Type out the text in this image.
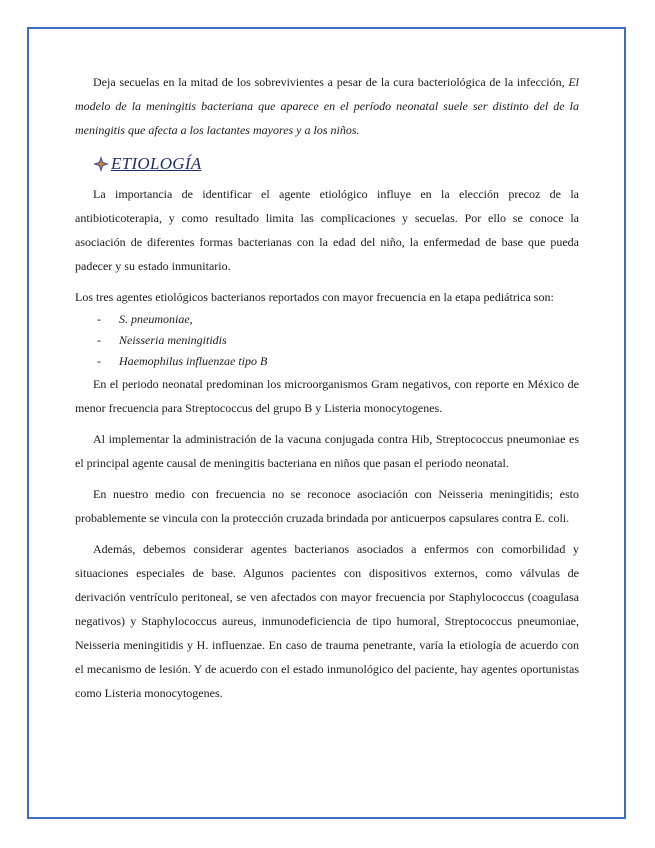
Deja secuelas en la mitad de los sobrevivientes a pesar de la cura bacteriológica de la infección, El modelo de la meningitis bacteriana que aparece en el período neonatal suele ser distinto del de la meningitis que afecta a los lactantes mayores y a los niños.

ETIOLOGÍA

La importancia de identificar el agente etiológico influye en la elección precoz de la antibioticoterapia, y como resultado limita las complicaciones y secuelas. Por ello se conoce la asociación de diferentes formas bacterianas con la edad del niño, la enfermedad de base que pueda padecer y su estado inmunitario.

Los tres agentes etiológicos bacterianos reportados con mayor frecuencia en la etapa pediátrica son:

-	S. pneumoniae,
-	Neisseria meningitidis
-	Haemophilus influenzae tipo B

En el periodo neonatal predominan los microorganismos Gram negativos, con reporte en México de menor frecuencia para Streptococcus del grupo B y Listeria monocytogenes.

Al implementar la administración de la vacuna conjugada contra Hib, Streptococcus pneumoniae es el principal agente causal de meningitis bacteriana en niños que pasan el periodo neonatal.

En nuestro medio con frecuencia no se reconoce asociación con Neisseria meningitidis; esto probablemente se vincula con la protección cruzada brindada por anticuerpos capsulares contra E. coli.

Además, debemos considerar agentes bacterianos asociados a enfermos con comorbilidad y situaciones especiales de base. Algunos pacientes con dispositivos externos, como válvulas de derivación ventrículo peritoneal, se ven afectados con mayor frecuencia por Staphylococcus (coagulasa negativos) y Staphylococcus aureus, inmunodeficiencia de tipo humoral, Streptococcus pneumoniae, Neisseria meningitidis y H. influenzae. En caso de trauma penetrante, varía la etiología de acuerdo con el mecanismo de lesión. Y de acuerdo con el estado inmunológico del paciente, hay agentes oportunistas como Listeria monocytogenes.
